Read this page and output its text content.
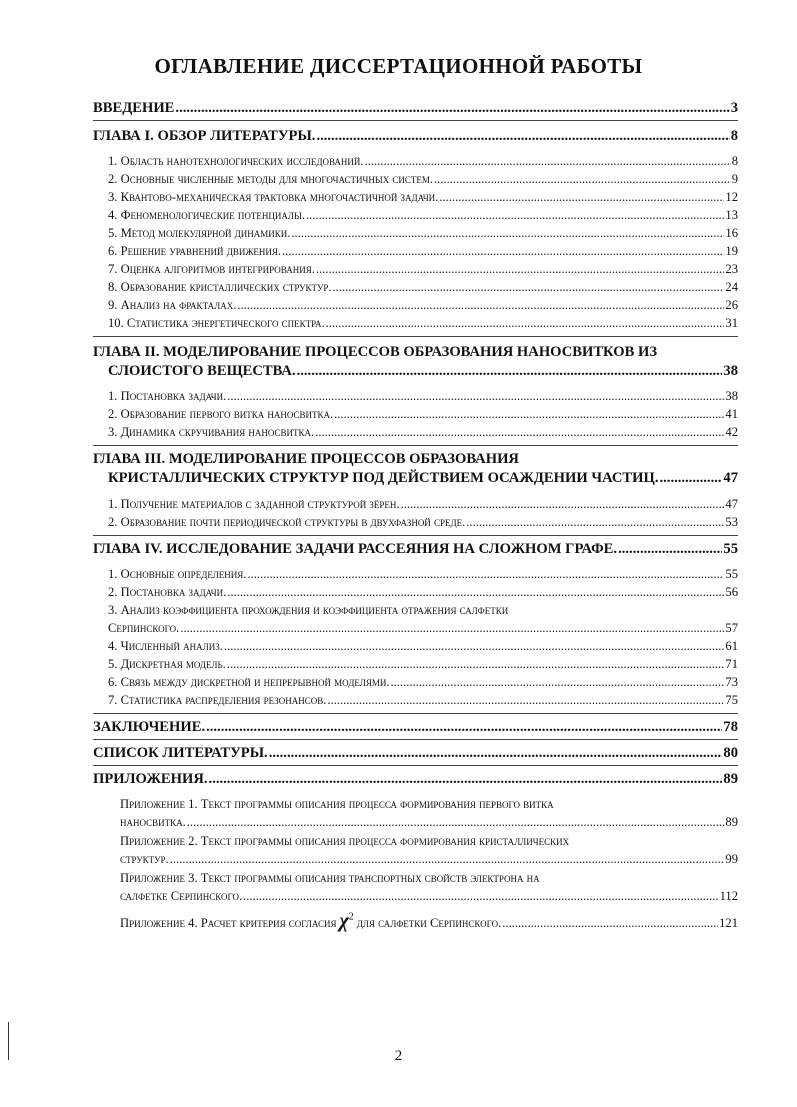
ОГЛАВЛЕНИЕ ДИССЕРТАЦИОННОЙ РАБОТЫ
ВВЕДЕНИЕ .....	3
ГЛАВА I. ОБЗОР ЛИТЕРАТУРЫ. .....	8
1. Область нанотехнологических исследований. .....	8
2. Основные численные методы для многочастичных систем. .....	9
3. Квантово-механическая трактовка многочастичной задачи. .....	12
4. Феноменологические потенциалы. .....	13
5. Метод молекулярной динамики. .....	16
6. Решение уравнений движения. .....	19
7. Оценка алгоритмов интегрирования. .....	23
8. Образование кристаллических структур. .....	24
9. Анализ на фракталах. .....	26
10. Статистика энергетического спектра. .....	31
ГЛАВА II. МОДЕЛИРОВАНИЕ ПРОЦЕССОВ ОБРАЗОВАНИЯ НАНОСВИТКОВ ИЗ
СЛОИСТОГО ВЕЩЕСТВА. .....	38
1. Постановка задачи. .....	38
2. Образование первого витка наносвитка. .....	41
3. Динамика скручивания наносвитка. .....	42
ГЛАВА III. МОДЕЛИРОВАНИЕ ПРОЦЕССОВ ОБРАЗОВАНИЯ
КРИСТАЛЛИЧЕСКИХ СТРУКТУР ПОД ДЕЙСТВИЕМ ОСАЖДЕНИИ ЧАСТИЦ. .....	47
1. Получение материалов с заданной структурой зёрен. .....	47
2. Образование почти периодической структуры в двухфазной среде. .....	53
ГЛАВА IV. ИССЛЕДОВАНИЕ ЗАДАЧИ РАССЕЯНИЯ НА СЛОЖНОМ ГРАФЕ. .....	55
1. Основные определения. .....	55
2. Постановка задачи. .....	56
3. Анализ коэффициента прохождения и коэффициента отражения салфетки
Серпинского. .....	57
4. Численный анализ. .....	61
5. Дискретная модель. .....	71
6. Связь между дискретной и непрерывной моделями. .....	73
7. Статистика распределения резонансов. .....	75
ЗАКЛЮЧЕНИЕ. .....	78
СПИСОК ЛИТЕРАТУРЫ. .....	80
ПРИЛОЖЕНИЯ. .....	89
Приложение 1. Текст программы описания процесса формирования первого витка
наносвитка. .....	89
Приложение 2. Текст программы описания процесса формирования кристаллических
структур. .....	99
Приложение 3. Текст программы описания транспортных свойств электрона на
салфетке Серпинского. .....	112
Приложение 4. Расчет критерия согласия $\chi^2$ для салфетки Серпинского. .....	121
2
